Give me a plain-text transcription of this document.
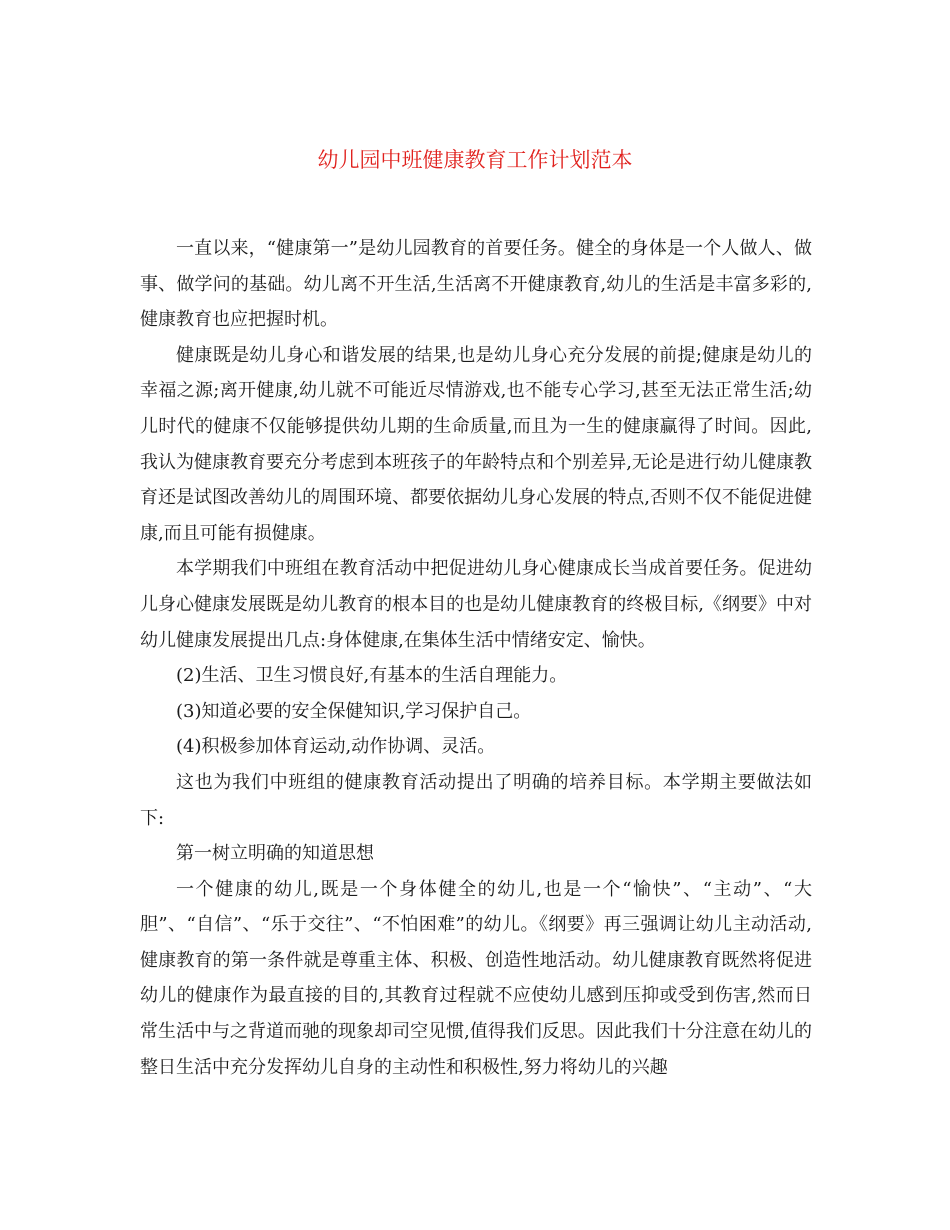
幼儿园中班健康教育工作计划范本

一直以来，“健康第一”是幼儿园教育的首要任务。健全的身体是一个人做人、做事、做学问的基础。幼儿离不开生活,生活离不开健康教育,幼儿的生活是丰富多彩的,健康教育也应把握时机。

健康既是幼儿身心和谐发展的结果,也是幼儿身心充分发展的前提;健康是幼儿的幸福之源;离开健康,幼儿就不可能近尽情游戏,也不能专心学习,甚至无法正常生活;幼儿时代的健康不仅能够提供幼儿期的生命质量,而且为一生的健康赢得了时间。因此,我认为健康教育要充分考虑到本班孩子的年龄特点和个别差异,无论是进行幼儿健康教育还是试图改善幼儿的周围环境、都要依据幼儿身心发展的特点,否则不仅不能促进健康,而且可能有损健康。

本学期我们中班组在教育活动中把促进幼儿身心健康成长当成首要任务。促进幼儿身心健康发展既是幼儿教育的根本目的也是幼儿健康教育的终极目标,《纲要》中对幼儿健康发展提出几点:身体健康,在集体生活中情绪安定、愉快。

(2)生活、卫生习惯良好,有基本的生活自理能力。

(3)知道必要的安全保健知识,学习保护自己。

(4)积极参加体育运动,动作协调、灵活。

这也为我们中班组的健康教育活动提出了明确的培养目标。本学期主要做法如下:

第一树立明确的知道思想

一个健康的幼儿,既是一个身体健全的幼儿,也是一个“愉快”、“主动”、“大胆”、“自信”、“乐于交往”、“不怕困难”的幼儿。《纲要》再三强调让幼儿主动活动,健康教育的第一条件就是尊重主体、积极、创造性地活动。幼儿健康教育既然将促进幼儿的健康作为最直接的目的,其教育过程就不应使幼儿感到压抑或受到伤害,然而日常生活中与之背道而驰的现象却司空见惯,值得我们反思。因此我们十分注意在幼儿的整日生活中充分发挥幼儿自身的主动性和积极性,努力将幼儿的兴趣
